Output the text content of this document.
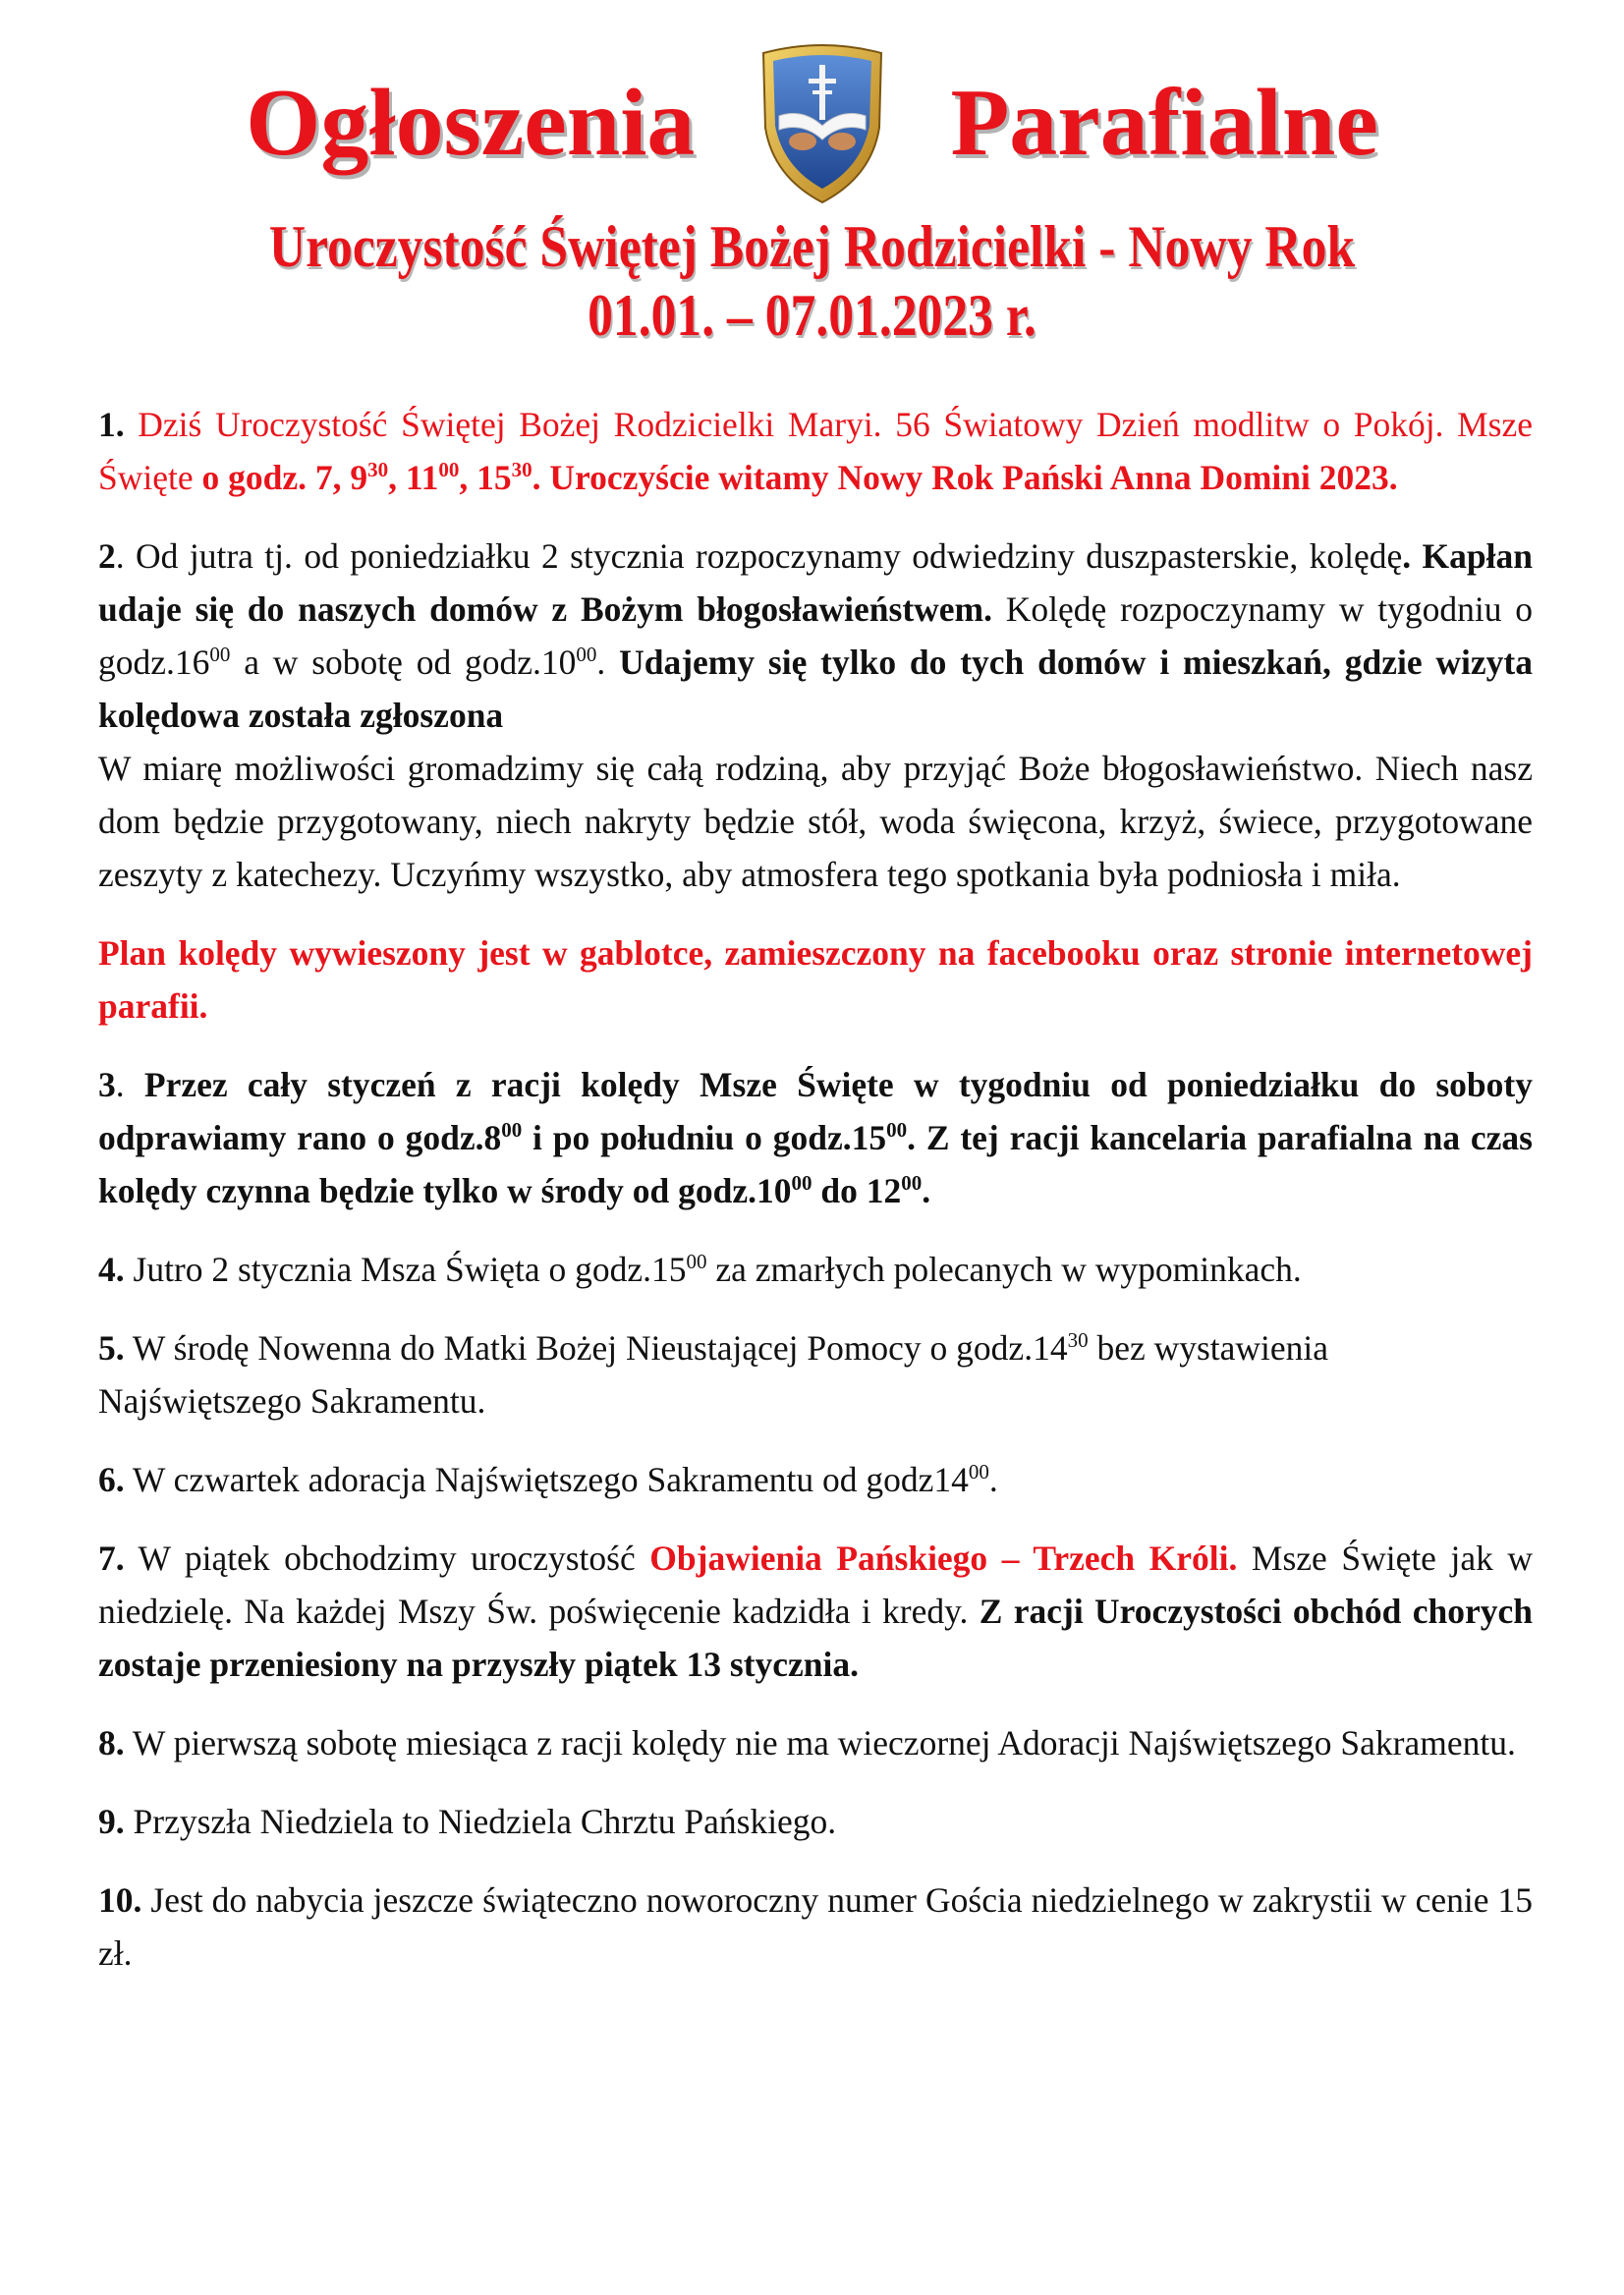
Ogłoszenia	Parafialne
Uroczystość Świętej Bożej Rodzicielki - Nowy Rok
01.01. – 07.01.2023 r.

1. Dziś Uroczystość Świętej Bożej Rodzicielki Maryi. 56 Światowy Dzień modlitw o Pokój. Msze Święte o godz. 7, $9^{30}$, $11^{00}$, $15^{30}$. Uroczyście witamy Nowy Rok Pański Anna Domini 2023.

2. Od jutra tj. od poniedziałku 2 stycznia rozpoczynamy odwiedziny duszpasterskie, kolędę. Kapłan udaje się do naszych domów z Bożym błogosławieństwem. Kolędę rozpoczynamy w tygodniu o $godz.16^{00}$ a w sobotę od $godz.10^{00}$. Udajemy się tylko do tych domów i mieszkań, gdzie wizyta kolędowa została zgłoszona
W miarę możliwości gromadzimy się całą rodziną, aby przyjąć Boże błogosławieństwo. Niech nasz dom będzie przygotowany, niech nakryty będzie stół, woda święcona, krzyż, świece, przygotowane zeszyty z katechezy. Uczyńmy wszystko, aby atmosfera tego spotkania była podniosła i miła.

Plan kolędy wywieszony jest w gablotce, zamieszczony na facebooku oraz stronie internetowej parafii.

3. Przez cały styczeń z racji kolędy Msze Święte w tygodniu od poniedziałku do soboty odprawiamy rano o $godz.8^{00}$ i po południu o $godz.15^{00}$. Z tej racji kancelaria parafialna na czas kolędy czynna będzie tylko w środy od $godz.10^{00}$ do $12^{00}$.

4. Jutro 2 stycznia Msza Święta o $godz.15^{00}$ za zmarłych polecanych w wypominkach.

5. W środę Nowenna do Matki Bożej Nieustającej Pomocy o $godz.14^{30}$ bez wystawienia Najświętszego Sakramentu.

6. W czwartek adoracja Najświętszego Sakramentu od $godz14^{00}$.

7. W piątek obchodzimy uroczystość Objawienia Pańskiego – Trzech Króli. Msze Święte jak w niedzielę. Na każdej Mszy Św. poświęcenie kadzidła i kredy. Z racji Uroczystości obchód chorych zostaje przeniesiony na przyszły piątek 13 stycznia.

8. W pierwszą sobotę miesiąca z racji kolędy nie ma wieczornej Adoracji Najświętszego Sakramentu.

9. Przyszła Niedziela to Niedziela Chrztu Pańskiego.

10. Jest do nabycia jeszcze świąteczno noworoczny numer Gościa niedzielnego w zakrystii w cenie 15 zł.
